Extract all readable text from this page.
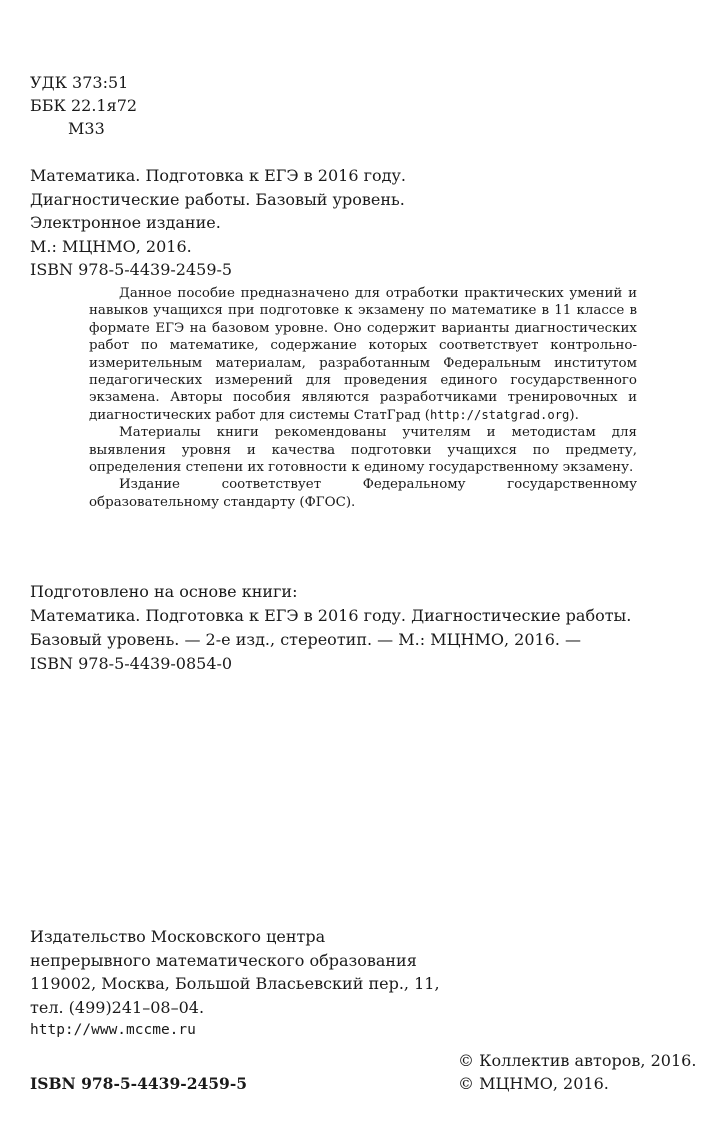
УДК 373:51
ББК 22.1я72
М33
Математика. Подготовка к ЕГЭ в 2016 году.
Диагностические работы. Базовый уровень.
Электронное издание.
М.: МЦНМО, 2016.
ISBN 978-5-4439-2459-5

Данное пособие предназначено для отработки практических умений и навыков учащихся при подготовке к экзамену по математике в 11 классе в формате ЕГЭ на базовом уровне. Оно содержит варианты диагностических работ по математике, содержание которых соответствует контрольно-измерительным материалам, разработанным Федеральным институтом педагогических измерений для проведения единого государственного экзамена. Авторы пособия являются разработчиками тренировочных и диагностических работ для системы СтатГрад (http://statgrad.org).

Материалы книги рекомендованы учителям и методистам для выявления уровня и качества подготовки учащихся по предмету, определения степени их готовности к единому государственному экзамену.

Издание соответствует Федеральному государственному образовательному стандарту (ФГОС).

Подготовлено на основе книги:
Математика. Подготовка к ЕГЭ в 2016 году. Диагностические работы.
Базовый уровень. — 2-е изд., стереотип. — М.: МЦНМО, 2016. —
ISBN 978-5-4439-0854-0
Издательство Московского центра
непрерывного математического образования
119002, Москва, Большой Власьевский пер., 11,
тел. (499)241–08–04.
http://www.mccme.ru
ISBN 978-5-4439-2459-5
© Коллектив авторов, 2016.
© МЦНМО, 2016.
